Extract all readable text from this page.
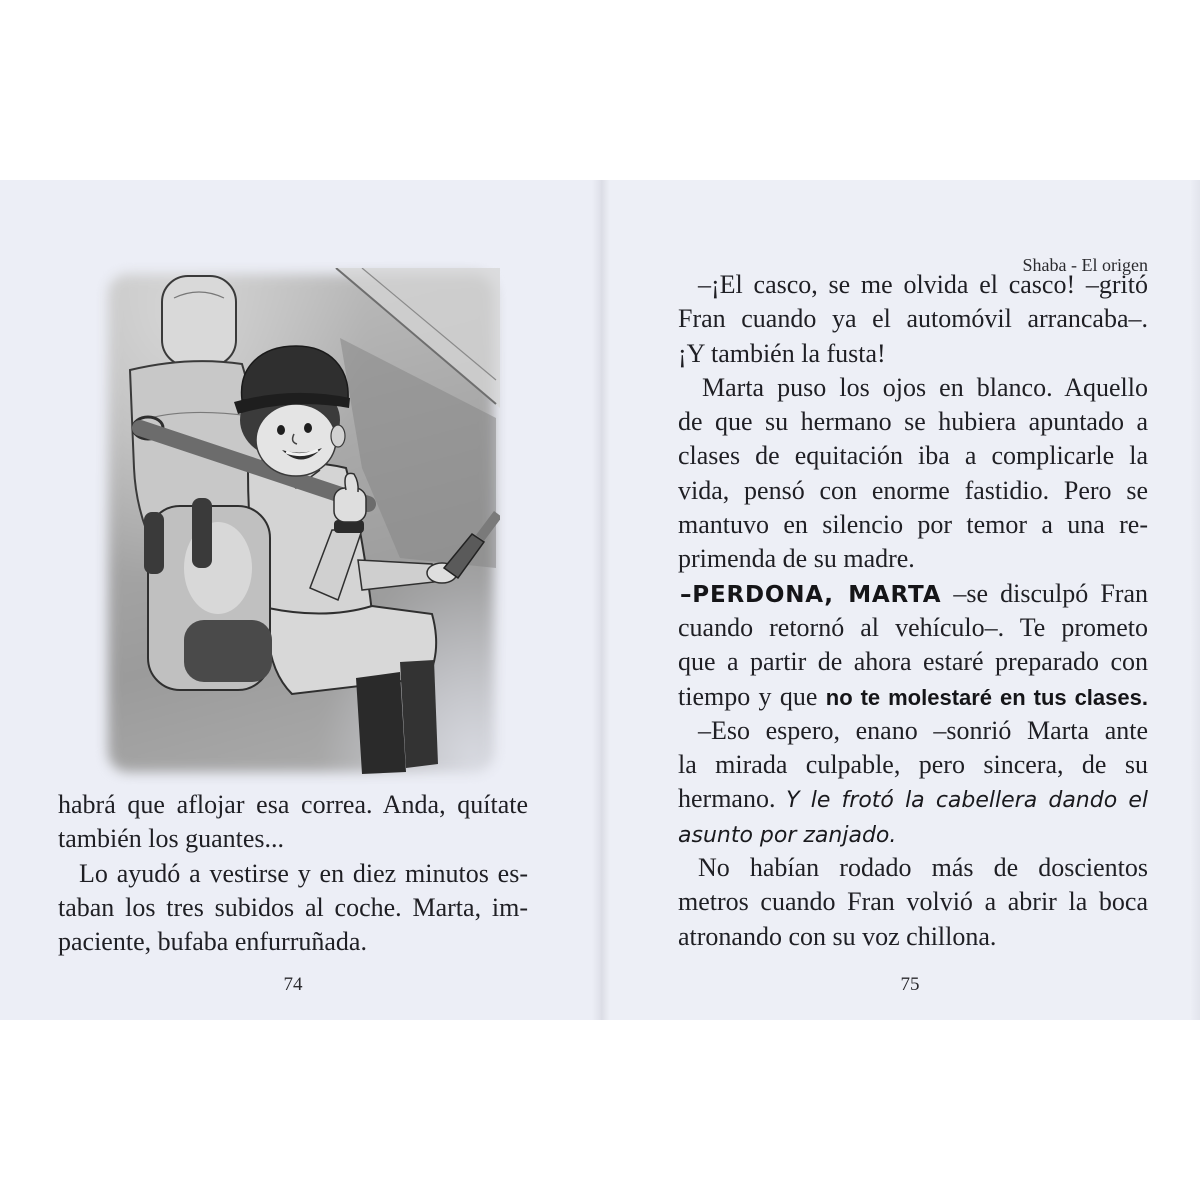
habrá que aflojar esa correa. Anda, quítate
también los guantes...
Lo ayudó a vestirse y en diez minutos es-
taban los tres subidos al coche. Marta, im-
paciente, bufaba enfurruñada.
74
Shaba - El origen
–¡El casco, se me olvida el casco! –gritó
Fran cuando ya el automóvil arrancaba–.
¡Y también la fusta!
Marta puso los ojos en blanco. Aquello
de que su hermano se hubiera apuntado a
clases de equitación iba a complicarle la
vida, pensó con enorme fastidio. Pero se
mantuvo en silencio por temor a una re-
primenda de su madre.
–PERDONA, MARTA –se disculpó Fran
cuando retornó al vehículo–. Te prometo
que a partir de ahora estaré preparado con
tiempo y que no te molestaré en tus clases.
–Eso espero, enano –sonrió Marta ante
la mirada culpable, pero sincera, de su
hermano. Y le frotó la cabellera dando el
asunto por zanjado.
No habían rodado más de doscientos
metros cuando Fran volvió a abrir la boca
atronando con su voz chillona.
75
